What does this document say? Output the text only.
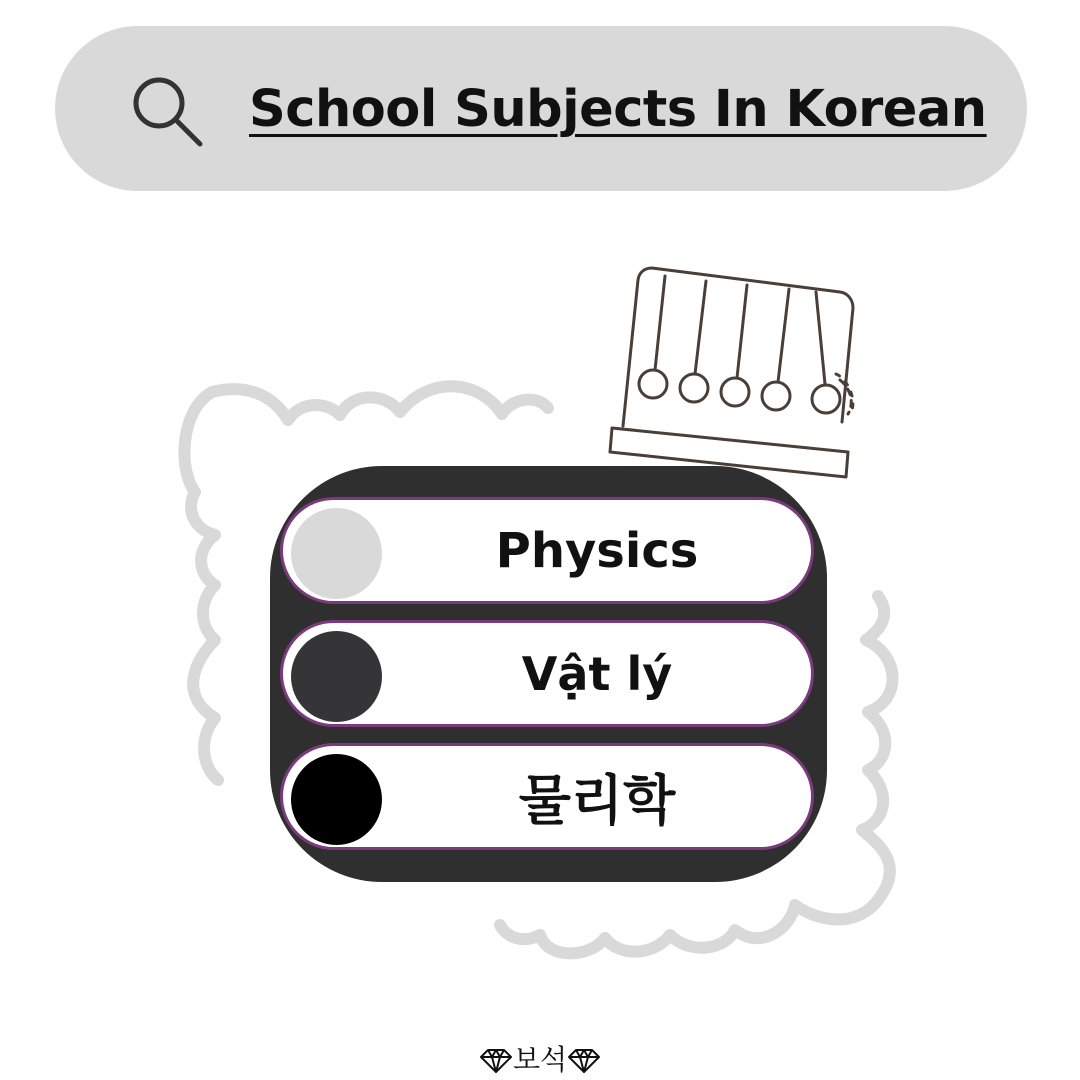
School Subjects In Korean
Physics
Vật lý
물리학
보석
